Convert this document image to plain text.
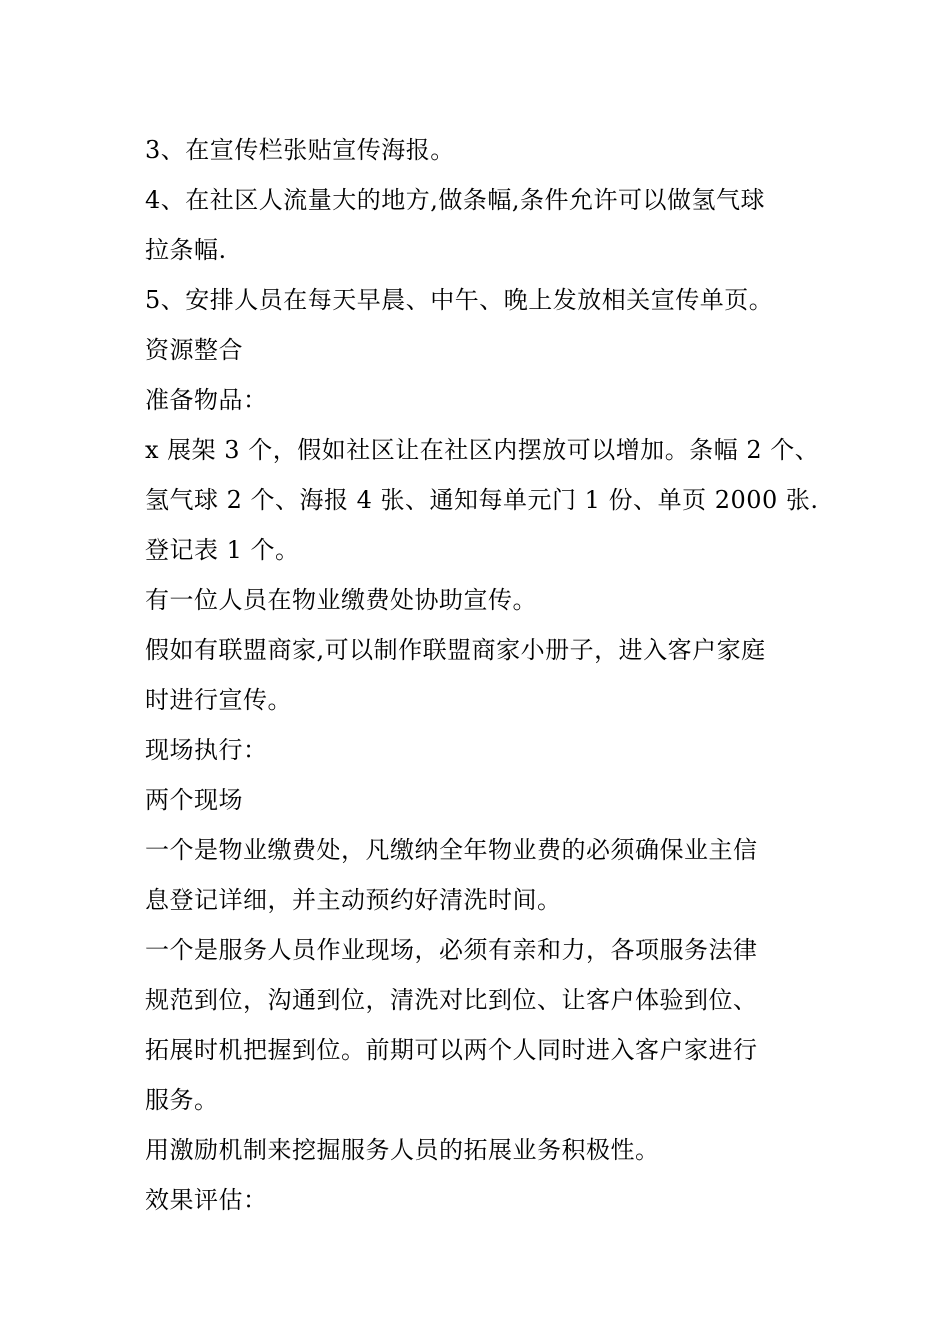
3、在宣传栏张贴宣传海报。

4、在社区人流量大的地方,做条幅,条件允许可以做氢气球
拉条幅.

5、安排人员在每天早晨、中午、晚上发放相关宣传单页。

资源整合

准备物品：

x 展架 3 个，假如社区让在社区内摆放可以增加。条幅 2 个、
氢气球 2 个、海报 4 张、通知每单元门 1 份、单页 2000 张.

登记表 1 个。

有一位人员在物业缴费处协助宣传。

假如有联盟商家,可以制作联盟商家小册子，进入客户家庭
时进行宣传。

现场执行：

两个现场

一个是物业缴费处，凡缴纳全年物业费的必须确保业主信
息登记详细，并主动预约好清洗时间。

一个是服务人员作业现场，必须有亲和力，各项服务法律
规范到位，沟通到位，清洗对比到位、让客户体验到位、
拓展时机把握到位。前期可以两个人同时进入客户家进行
服务。

用激励机制来挖掘服务人员的拓展业务积极性。

效果评估：
